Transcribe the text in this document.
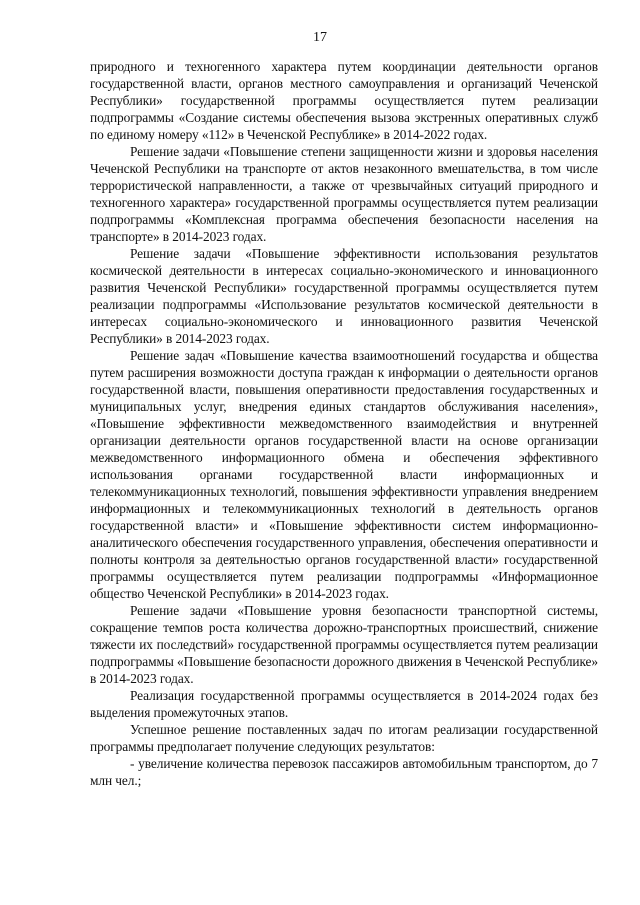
17

природного и техногенного характера путем координации деятельности органов государственной власти, органов местного самоуправления и организаций Чеченской Республики» государственной программы осуществляется путем реализации подпрограммы «Создание системы обеспечения вызова экстренных оперативных служб по единому номеру «112» в Чеченской Республике» в 2014-2022 годах.

Решение задачи «Повышение степени защищенности жизни и здоровья населения Чеченской Республики на транспорте от актов незаконного вмешательства, в том числе террористической направленности, а также от чрезвычайных ситуаций природного и техногенного характера» государственной программы осуществляется путем реализации подпрограммы «Комплексная программа обеспечения безопасности населения на транспорте» в 2014-2023 годах.

Решение задачи «Повышение эффективности использования результатов космической деятельности в интересах социально-экономического и инновационного развития Чеченской Республики» государственной программы осуществляется путем реализации подпрограммы «Использование результатов космической деятельности в интересах социально-экономического и инновационного развития Чеченской Республики» в 2014-2023 годах.

Решение задач «Повышение качества взаимоотношений государства и общества путем расширения возможности доступа граждан к информации о деятельности органов государственной власти, повышения оперативности предоставления государственных и муниципальных услуг, внедрения единых стандартов обслуживания населения», «Повышение эффективности межведомственного взаимодействия и внутренней организации деятельности органов государственной власти на основе организации межведомственного информационного обмена и обеспечения эффективного использования органами государственной власти информационных и телекоммуникационных технологий, повышения эффективности управления внедрением информационных и телекоммуникационных технологий в деятельность органов государственной власти» и «Повышение эффективности систем информационно-аналитического обеспечения государственного управления, обеспечения оперативности и полноты контроля за деятельностью органов государственной власти» государственной программы осуществляется путем реализации подпрограммы «Информационное общество Чеченской Республики» в 2014-2023 годах.

Решение задачи «Повышение уровня безопасности транспортной системы, сокращение темпов роста количества дорожно-транспортных происшествий, снижение тяжести их последствий» государственной программы осуществляется путем реализации подпрограммы «Повышение безопасности дорожного движения в Чеченской Республике» в 2014-2023 годах.

Реализация государственной программы осуществляется в 2014-2024 годах без выделения промежуточных этапов.

Успешное решение поставленных задач по итогам реализации государственной программы предполагает получение следующих результатов:

- увеличение количества перевозок пассажиров автомобильным транспортом, до 7 млн чел.;
